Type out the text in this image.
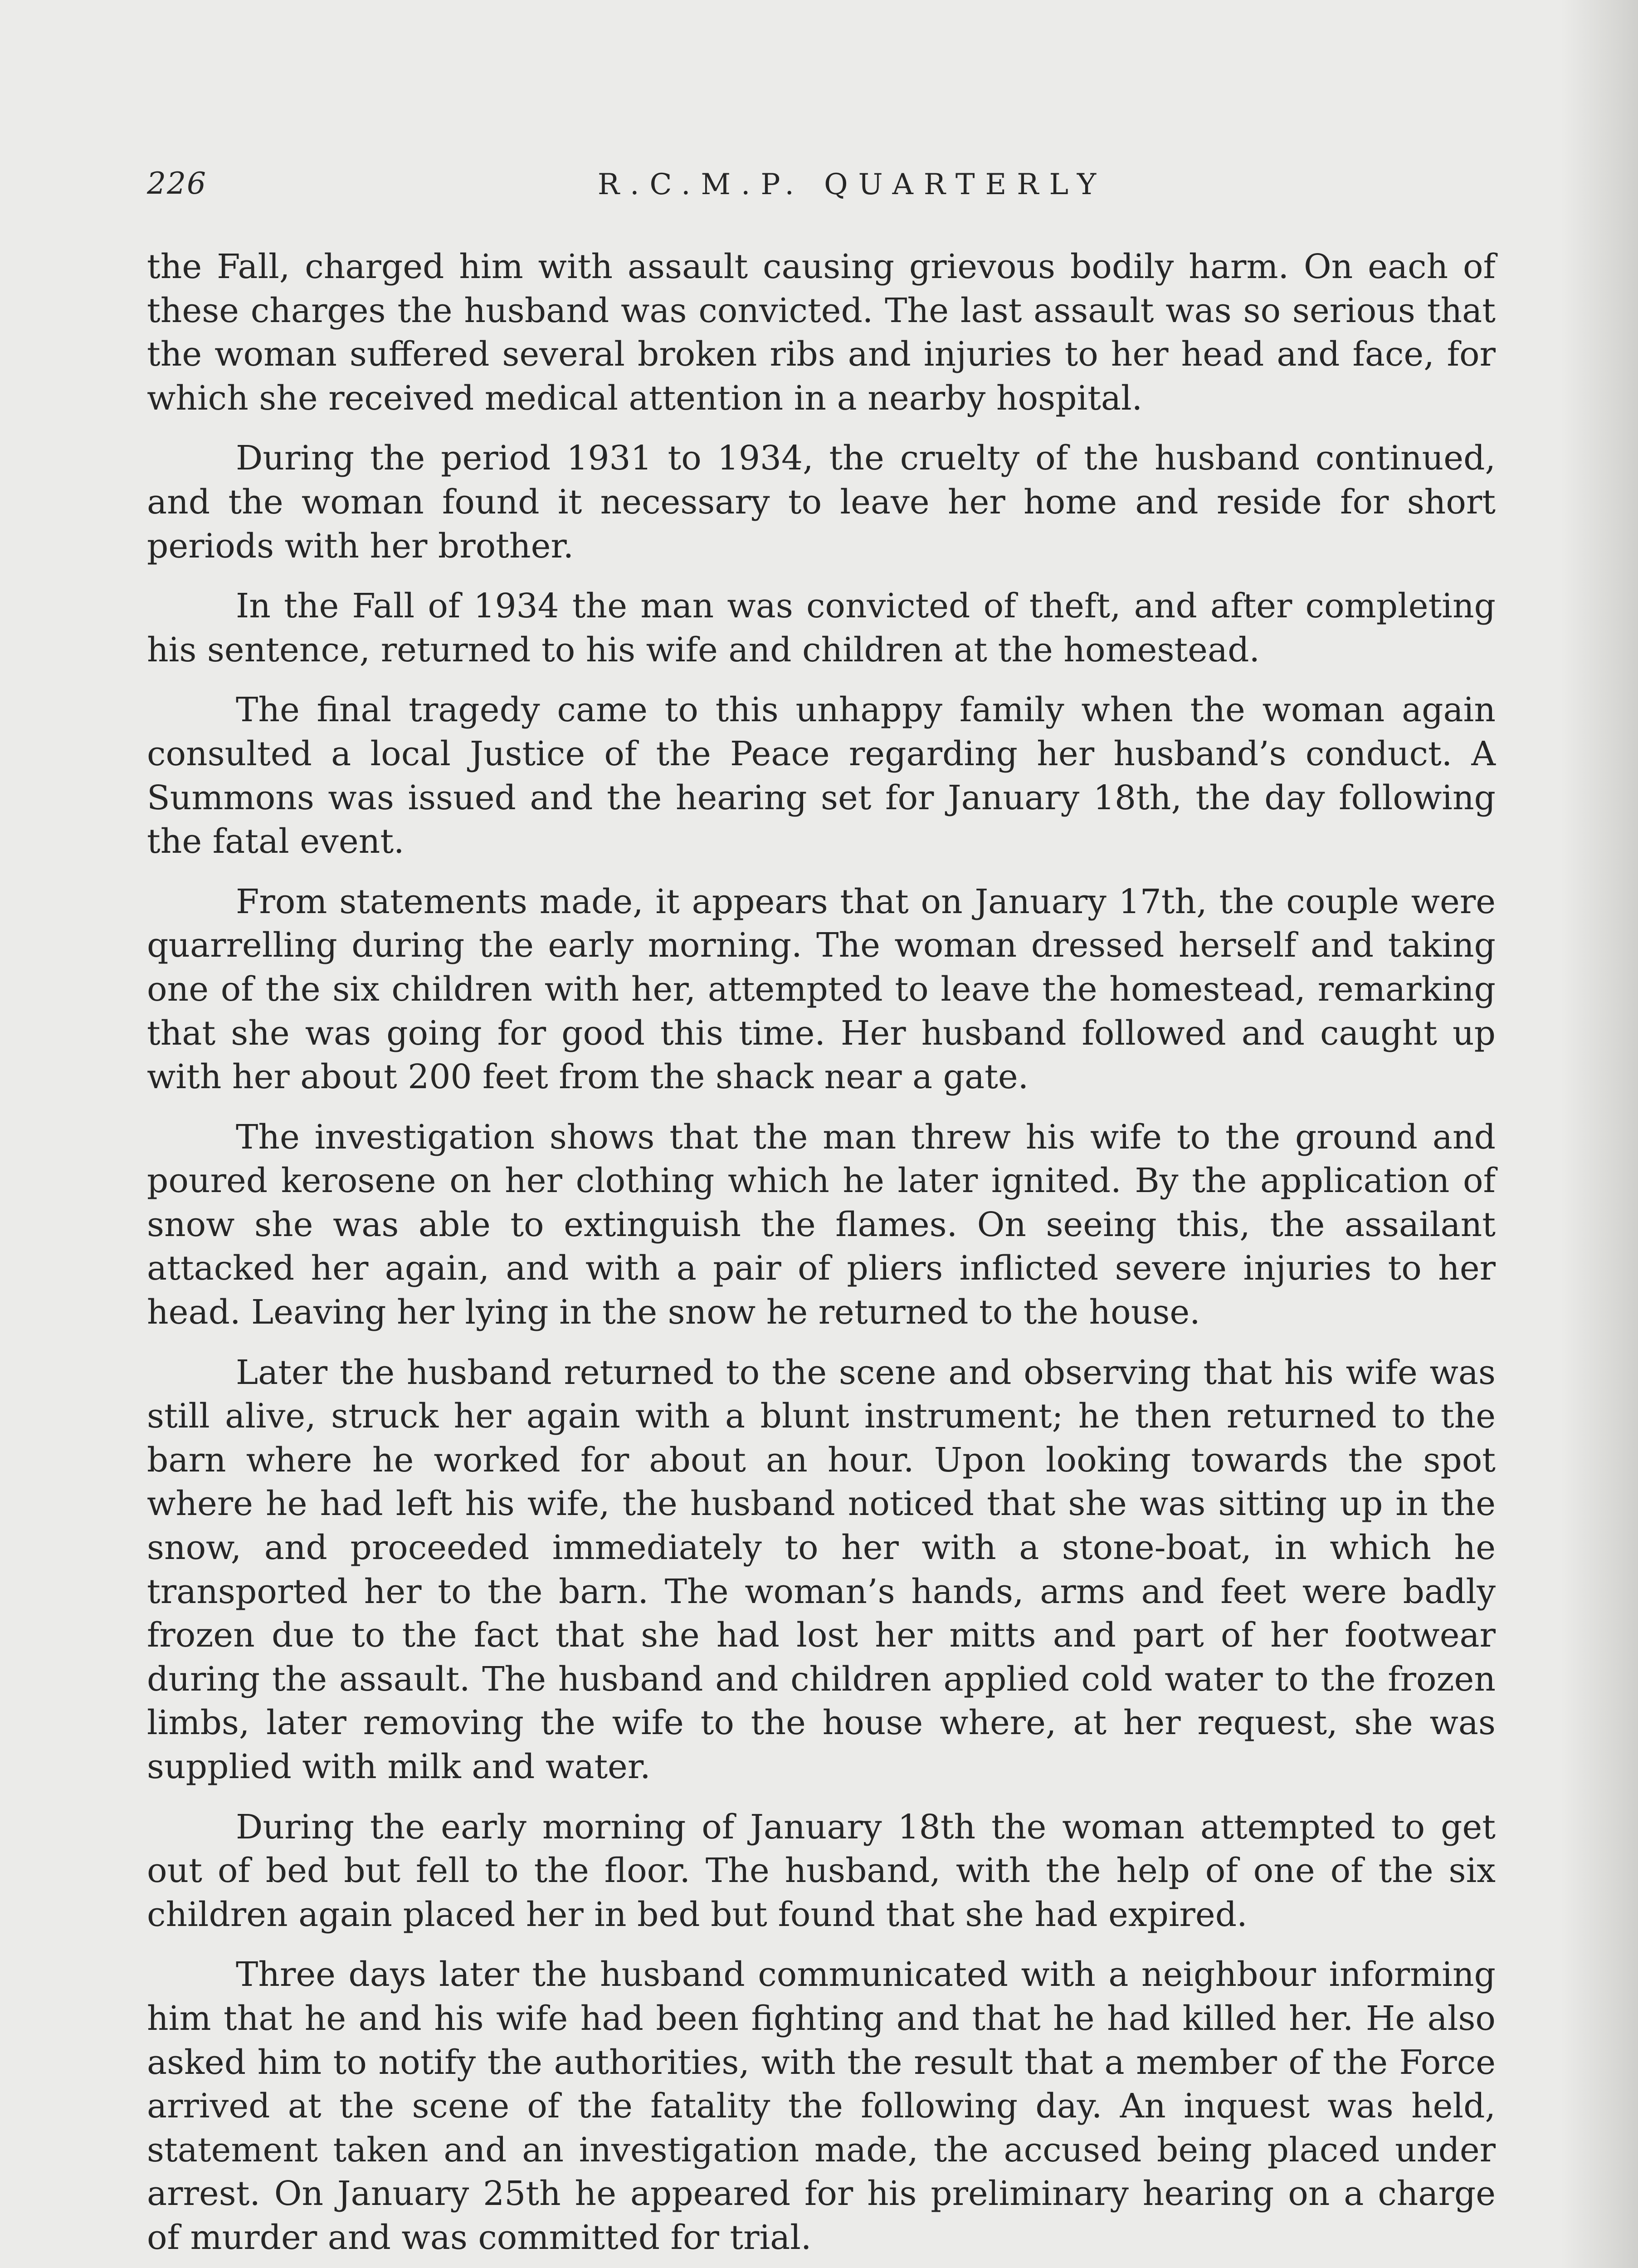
226	R.C.M.P. QUARTERLY

the Fall, charged him with assault causing grievous bodily harm. On each of these charges the husband was convicted. The last assault was so serious that the woman suffered several broken ribs and injuries to her head and face, for which she received medical attention in a nearby hospital.

During the period 1931 to 1934, the cruelty of the husband continued, and the woman found it necessary to leave her home and reside for short periods with her brother.

In the Fall of 1934 the man was convicted of theft, and after completing his sentence, returned to his wife and children at the homestead.

The final tragedy came to this unhappy family when the woman again consulted a local Justice of the Peace regarding her husband’s conduct. A Summons was issued and the hearing set for January 18th, the day following the fatal event.

From statements made, it appears that on January 17th, the couple were quarrelling during the early morning. The woman dressed herself and taking one of the six children with her, attempted to leave the homestead, remarking that she was going for good this time. Her husband followed and caught up with her about 200 feet from the shack near a gate.

The investigation shows that the man threw his wife to the ground and poured kerosene on her clothing which he later ignited. By the application of snow she was able to extinguish the flames. On seeing this, the assailant attacked her again, and with a pair of pliers inflicted severe injuries to her head. Leaving her lying in the snow he returned to the house.

Later the husband returned to the scene and observing that his wife was still alive, struck her again with a blunt instrument; he then returned to the barn where he worked for about an hour. Upon looking towards the spot where he had left his wife, the husband noticed that she was sitting up in the snow, and proceeded immediately to her with a stone-boat, in which he transported her to the barn. The woman’s hands, arms and feet were badly frozen due to the fact that she had lost her mitts and part of her footwear during the assault. The husband and children applied cold water to the frozen limbs, later removing the wife to the house where, at her request, she was supplied with milk and water.

During the early morning of January 18th the woman attempted to get out of bed but fell to the floor. The husband, with the help of one of the six children again placed her in bed but found that she had expired.

Three days later the husband communicated with a neighbour informing him that he and his wife had been fighting and that he had killed her. He also asked him to notify the authorities, with the result that a member of the Force arrived at the scene of the fatality the following day. An inquest was held, statement taken and an investigation made, the accused being placed under arrest. On January 25th he appeared for his preliminary hearing on a charge of murder and was committed for trial.
